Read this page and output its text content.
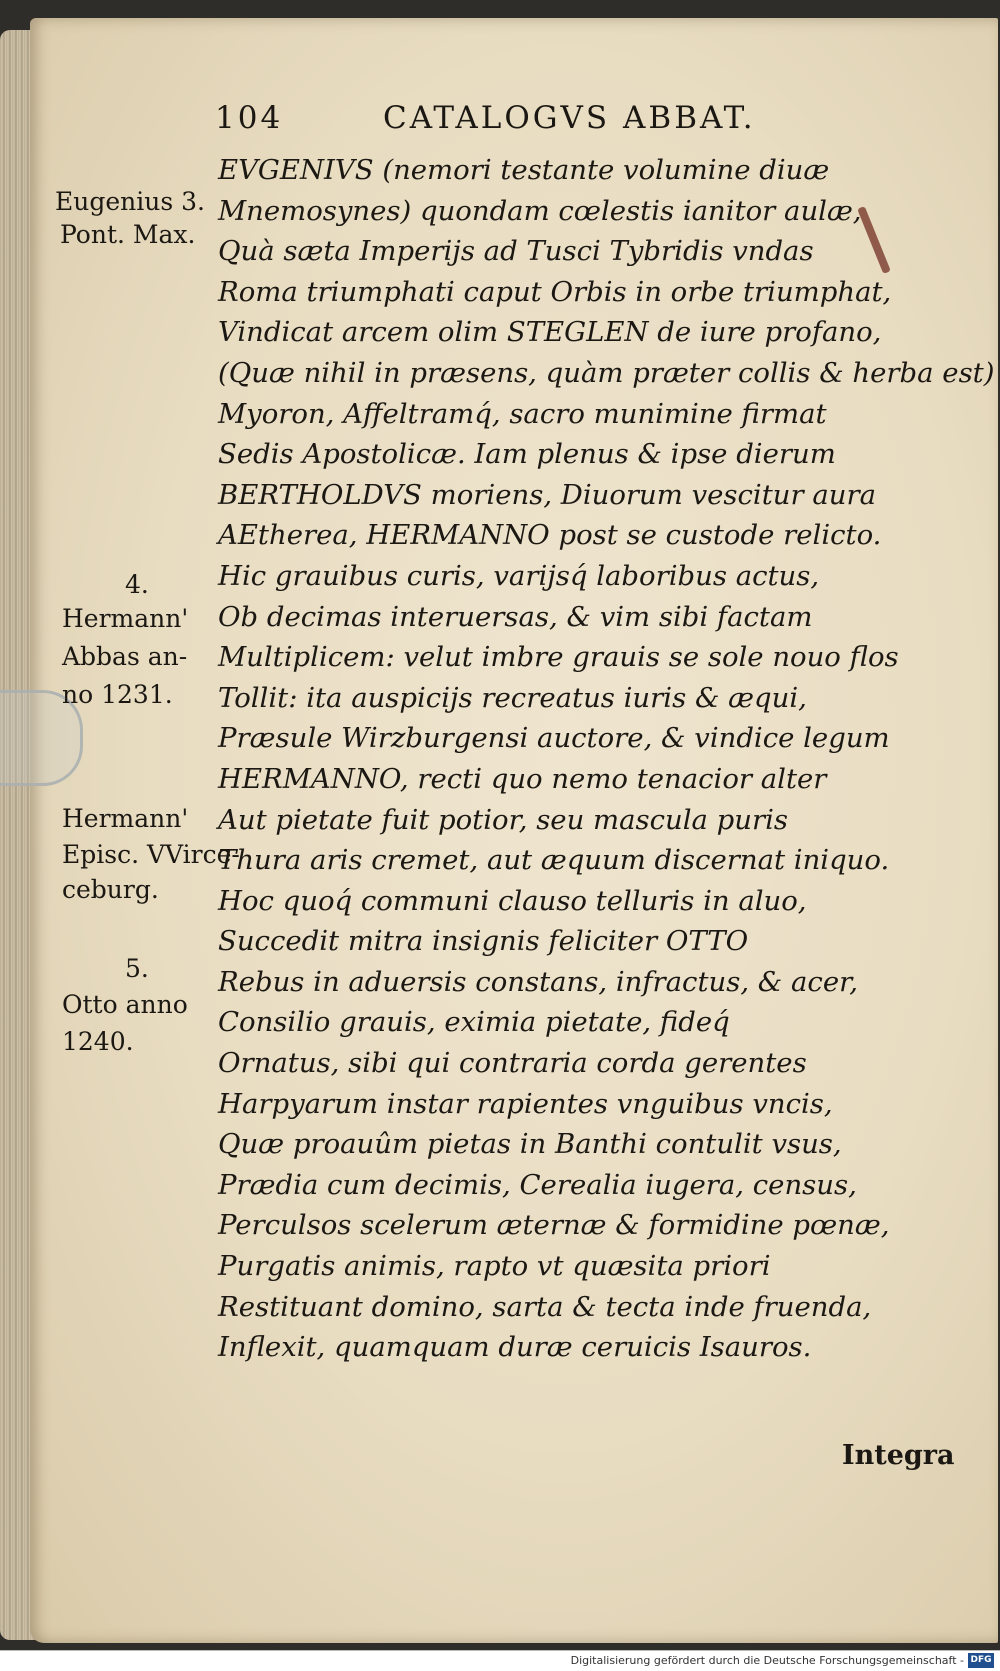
104	CATALOGVS ABBAT.
EVGENIVS (nemori testante volumine diuæ
Mnemosynes) quondam cœlestis ianitor aulæ,
Quà sæta Imperijs ad Tusci Tybridis vndas
Roma triumphati caput Orbis in orbe triumphat,
Vindicat arcem olim STEGLEN de iure profano,
(Quæ nihil in præsens, quàm præter collis & herba est)
Myoron, Affeltramq́, sacro munimine firmat
Sedis Apostolicæ. Iam plenus & ipse dierum
BERTHOLDVS moriens, Diuorum vescitur aura
AEtherea, HERMANNO post se custode relicto.
Hic grauibus curis, varijsq́ laboribus actus,
Ob decimas interuersas, & vim sibi factam
Multiplicem: velut imbre grauis se sole nouo flos
Tollit: ita auspicijs recreatus iuris & æqui,
Præsule Wirzburgensi auctore, & vindice legum
HERMANNO, recti quo nemo tenacior alter
Aut pietate fuit potior, seu mascula puris
Thura aris cremet, aut æquum discernat iniquo.
Hoc quoq́ communi clauso telluris in aluo,
Succedit mitra insignis feliciter OTTO
Rebus in aduersis constans, infractus, & acer,
Consilio grauis, eximia pietate, fideq́
Ornatus, sibi qui contraria corda gerentes
Harpyarum instar rapientes vnguibus vncis,
Quæ proauûm pietas in Banthi contulit vsus,
Prædia cum decimis, Cerealia iugera, census,
Perculsos scelerum æternæ & formidine pœnæ,
Purgatis animis, rapto vt quæsita priori
Restituant domino, sarta & tecta inde fruenda,
Inflexit, quamquam duræ ceruicis Isauros.
Eugenius 3.
Pont. Max.
4.
Hermann'
Abbas an-
no 1231.
Hermann'
Episc. VVirce-
ceburg.
5.
Otto anno
1240.
Integra
Digitalisierung gefördert durch die Deutsche Forschungsgemeinschaft - DFG
